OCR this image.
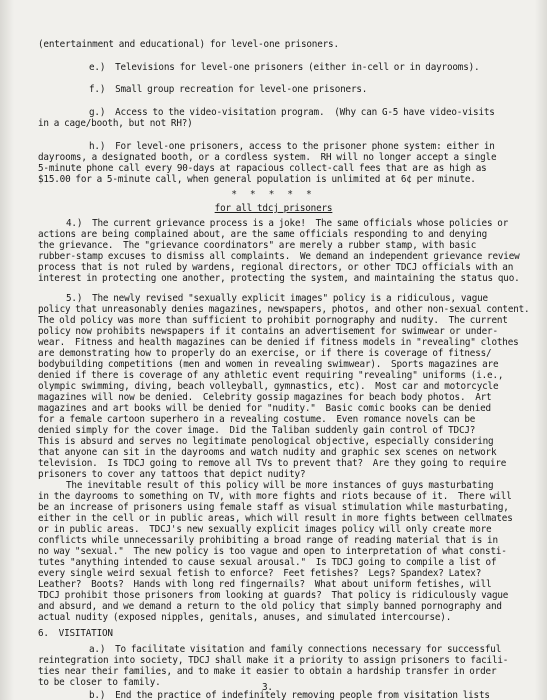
(entertainment and educational) for level-one prisoners.
e.)  Televisions for level-one prisoners (either in-cell or in dayrooms).
f.)  Small group recreation for level-one prisoners.
g.)  Access to the video-visitation program.  (Why can G-5 have video-visits
in a cage/booth, but not RH?)
h.)  For level-one prisoners, access to the prisoner phone system: either in
dayrooms, a designated booth, or a cordless system.  RH will no longer accept a single
5-minute phone call every 90-days at rapacious collect-call fees that are as high as
$15.00 for a 5-minute call, when general population is unlimited at 6¢ per minute.
* * * * *
for all tdcj prisoners
4.)  The current grievance process is a joke!  The same officials whose policies or
actions are being complained about, are the same officials responding to and denying
the grievance.  The "grievance coordinators" are merely a rubber stamp, with basic
rubber-stamp excuses to dismiss all complaints.  We demand an independent grievance review
process that is not ruled by wardens, regional directors, or other TDCJ officials with an
interest in protecting one another, protecting the system, and maintaining the status quo.
5.)  The newly revised "sexually explicit images" policy is a ridiculous, vague
policy that unreasonably denies magazines, newspapers, photos, and other non-sexual content.
The old policy was more than sufficient to prohibit pornography and nudity.  The current
policy now prohibits newspapers if it contains an advertisement for swimwear or under-
wear.  Fitness and health magazines can be denied if fitness models in "revealing" clothes
are demonstrating how to properly do an exercise, or if there is coverage of fitness/
bodybuilding competitions (men and women in revealing swimwear).  Sports magazines are
denied if there is coverage of any athletic event requiring "revealing" uniforms (i.e.,
olympic swimming, diving, beach volleyball, gymnastics, etc).  Most car and motorcycle
magazines will now be denied.  Celebrity gossip magazines for beach body photos.  Art
magazines and art books will be denied for "nudity."  Basic comic books can be denied
for a female cartoon superhero in a revealing costume.  Even romance novels can be
denied simply for the cover image.  Did the Taliban suddenly gain control of TDCJ?
This is absurd and serves no legitimate penological objective, especially considering
that anyone can sit in the dayrooms and watch nudity and graphic sex scenes on network
television.  Is TDCJ going to remove all TVs to prevent that?  Are they going to require
prisoners to cover any tattoos that depict nudity?
The inevitable result of this policy will be more instances of guys masturbating
in the dayrooms to something on TV, with more fights and riots because of it.  There will
be an increase of prisoners using female staff as visual stimulation while masturbating,
either in the cell or in public areas, which will result in more fights between cellmates
or in public areas.  TDCJ's new sexually explicit images policy will only create more
conflicts while unnecessarily prohibiting a broad range of reading material that is in
no way "sexual."  The new policy is too vague and open to interpretation of what consti-
tutes "anything intended to cause sexual arousal."  Is TDCJ going to compile a list of
every single weird sexual fetish to enforce?  Feet fetishes?  Legs? Spandex? Latex?
Leather?  Boots?  Hands with long red fingernails?  What about uniform fetishes, will
TDCJ prohibit those prisoners from looking at guards?  That policy is ridiculously vague
and absurd, and we demand a return to the old policy that simply banned pornography and
actual nudity (exposed nipples, genitals, anuses, and simulated intercourse).
6.  VISITATION
a.)  To facilitate visitation and family connections necessary for successful
reintegration into society, TDCJ shall make it a priority to assign prisoners to facili-
ties near their families, and to make it easier to obtain a hardship transfer in order
to be closer to family.
b.)  End the practice of indefinitely removing people from visitation lists
3.
